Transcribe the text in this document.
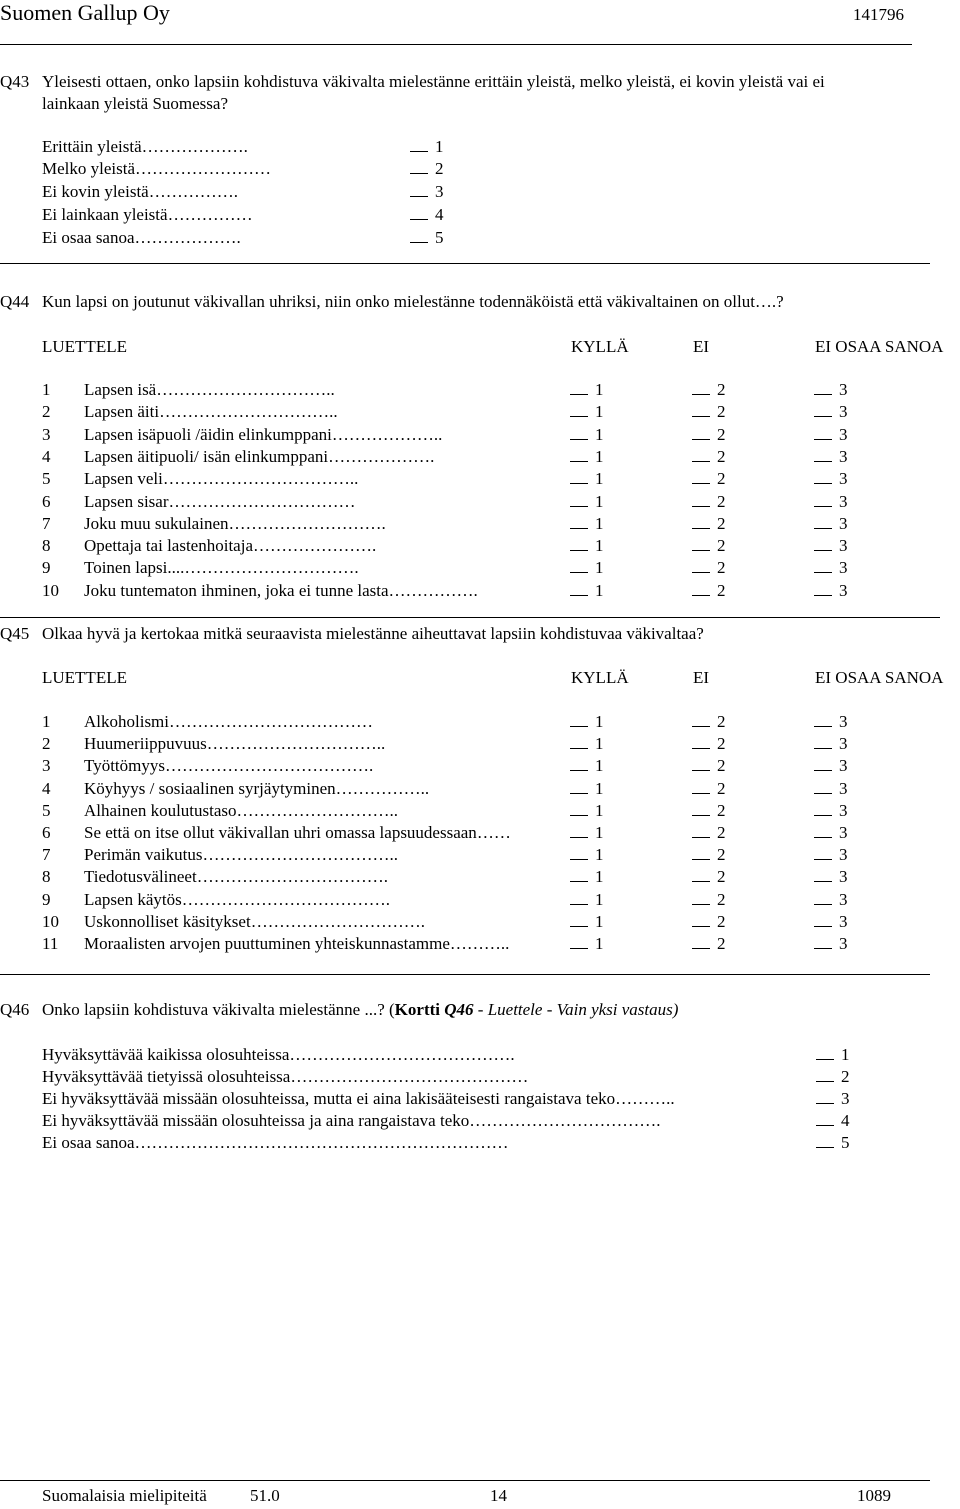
Suomen Gallup Oy	141796
Q43 Yleisesti ottaen, onko lapsiin kohdistuva väkivalta mielestänne erittäin yleistä, melko yleistä, ei kovin yleistä vai ei
lainkaan yleistä Suomessa?
Erittäin yleistä……………….	1
Melko yleistä……………………	2
Ei kovin yleistä…………….	3
Ei lainkaan yleistä……………	4
Ei osaa sanoa……………….	5
Q44 Kun lapsi on joutunut väkivallan uhriksi, niin onko mielestänne todennäköistä että väkivaltainen on ollut….?
LUETTELE	KYLLÄ	EI	EI OSAA SANOA
1 Lapsen isä…………………………..	1	2	3
2 Lapsen äiti…………………………..	1	2	3
3 Lapsen isäpuoli /äidin elinkumppani………………..	1	2	3
4 Lapsen äitipuoli/ isän elinkumppani……………….	1	2	3
5 Lapsen veli……………………………..	1	2	3
6 Lapsen sisar……………………………	1	2	3
7 Joku muu sukulainen……………………….	1	2	3
8 Opettaja tai lastenhoitaja………………….	1	2	3
9 Toinen lapsi....………………………….	1	2	3
10 Joku tuntematon ihminen, joka ei tunne lasta…………….	1	2	3
Q45 Olkaa hyvä ja kertokaa mitkä seuraavista mielestänne aiheuttavat lapsiin kohdistuvaa väkivaltaa?
LUETTELE	KYLLÄ	EI	EI OSAA SANOA
1 Alkoholismi………………………………	1	2	3
2 Huumeriippuvuus…………………………..	1	2	3
3 Työttömyys……………………………….	1	2	3
4 Köyhyys / sosiaalinen syrjäytyminen……………..	1	2	3
5 Alhainen koulutustaso………………………..	1	2	3
6 Se että on itse ollut väkivallan uhri omassa lapsuudessaan……	1	2	3
7 Perimän vaikutus……………………………..	1	2	3
8 Tiedotusvälineet…………………………….	1	2	3
9 Lapsen käytös……………………………….	1	2	3
10 Uskonnolliset käsitykset………………………….	1	2	3
11 Moraalisten arvojen puuttuminen yhteiskunnastamme………..	1	2	3
Q46 Onko lapsiin kohdistuva väkivalta mielestänne ...? (Kortti Q46 - Luettele - Vain yksi vastaus)
Hyväksyttävää kaikissa olosuhteissa………………………………….	1
Hyväksyttävää tietyissä olosuhteissa……………………………………	2
Ei hyväksyttävää missään olosuhteissa, mutta ei aina lakisääteisesti rangaistava teko………..	3
Ei hyväksyttävää missään olosuhteissa ja aina rangaistava teko…………………………….	4
Ei osaa sanoa…………………………………………………………	5
Suomalaisia mielipiteitä	51.0	14	1089
